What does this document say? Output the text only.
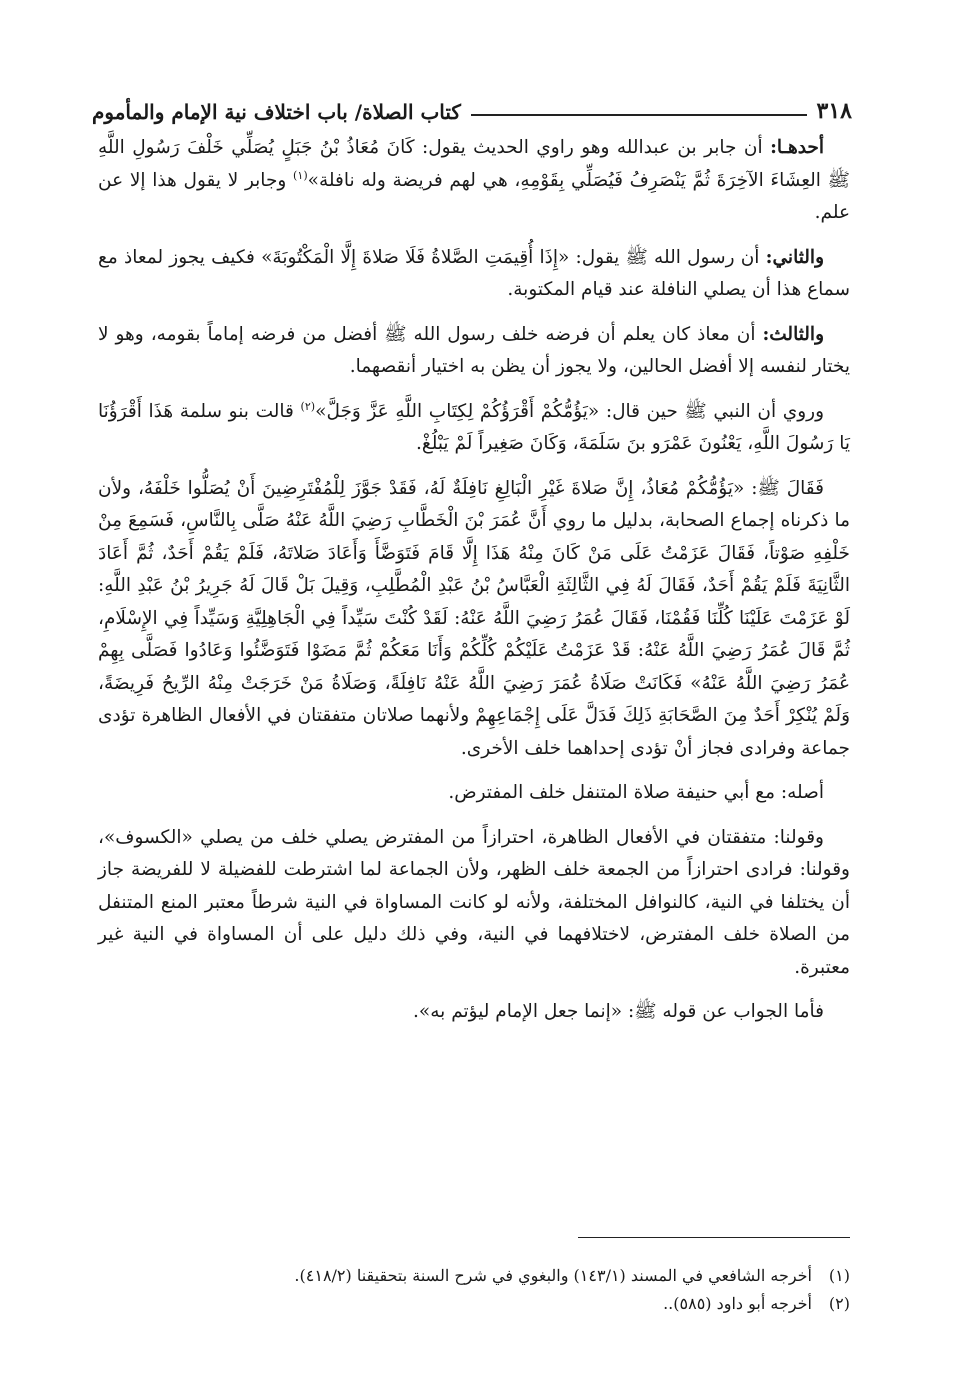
٣١٨
كتاب الصلاة/ باب اختلاف نية الإمام والمأموم

أحدهـا: أن جابر بن عبدالله وهو راوي الحديث يقول: كَانَ مُعَاذُ بْنُ جَبَلٍ يُصَلِّي خَلْفَ رَسُولِ اللَّهِ ﷺ العِشَاءَ الآخِرَةَ ثُمَّ يَنْصَرِفُ فَيُصَلِّي بِقَوْمِهِ، هي لهم فريضة وله نافلة»$^{(١)}$ وجابر لا يقول هذا إلا عن علم.

والثاني: أن رسول الله ﷺ يقول: «إِذَا أُقِيمَتِ الصَّلاةُ فَلَا صَلاةَ إِلَّا الْمَكْتُوبَةَ» فكيف يجوز لمعاذ مع سماع هذا أن يصلي النافلة عند قيام المكتوبة.

والثالث: أن معاذ كان يعلم أن فرضه خلف رسول الله ﷺ أفضل من فرضه إماماً بقومه، وهو لا يختار لنفسه إلا أفضل الحالين، ولا يجوز أن يظن به اختيار أنقصهما.

وروي أن النبي ﷺ حين قال: «يَؤُمُّكُمْ أَقْرَؤُكُمْ لِكِتَابِ اللَّهِ عَزَّ وَجَلَّ»$^{(٢)}$ قالت بنو سلمة هَذَا أَقْرَؤُنَا يَا رَسُولَ اللَّهِ، يَعْنُونَ عَمْرَو بنَ سَلَمَةَ، وَكَانَ صَغِيراً لَمْ يَبْلُغْ.

فَقَالَ ﷺ: «يَؤُمُّكُمْ مُعَاذُ، إِنَّ صَلاةَ غَيْرِ الْبَالِغِ نَافِلَةٌ لَهُ، فَقَدْ جَوَّزَ لِلْمُفْتَرِضِينَ أَنْ يُصَلُّوا خَلْفَهُ، ولأن ما ذكرناه إجماع الصحابة، بدليل ما روي أَنَّ عُمَرَ بْنَ الْخَطَّابِ رَضِيَ اللَّهُ عَنْهُ صَلَّى بِالنَّاسِ، فَسَمِعَ مِنْ خَلْفِهِ صَوْتاً، فَقَالَ عَزَمْتُ عَلَى مَنْ كَانَ مِنْهُ هَذَا إِلَّا قَامَ فَتَوَضَّأَ وَأَعَادَ صَلاتَهُ، فَلَمْ يَقُمْ أَحَدٌ، ثُمَّ أَعَادَ الثَّانِيَةَ فَلَمْ يَقُمْ أَحَدٌ، فَقَالَ لَهُ فِي الثَّالِثَةِ الْعَبَّاسُ بْنُ عَبْدِ الْمُطَّلِبِ، وَقِيلَ بَلْ قَالَ لَهُ جَرِيرُ بْنُ عَبْدِ اللَّهِ: لَوْ عَزَمْتَ عَلَيْنَا كُلِّنَا فَقُمْنَا، فَقَالَ عُمَرُ رَضِيَ اللَّهُ عَنْهُ: لَقَدْ كُنْتَ سَيِّداً فِي الْجَاهِلِيَّةِ وَسَيِّداً فِي الإِسْلَامِ، ثُمَّ قَالَ عُمَرُ رَضِيَ اللَّهُ عَنْهُ: قَدْ عَزَمْتُ عَلَيْكُمْ كُلِّكُمْ وَأَنَا مَعَكُمْ ثُمَّ مَضَوْا فَتَوَضَّئُوا وَعَادُوا فَصَلَّى بِهِمْ عُمَرُ رَضِيَ اللَّهُ عَنْهُ» فَكَانَتْ صَلَاةُ عُمَرَ رَضِيَ اللَّهُ عَنْهُ نَافِلَةً، وَصَلَاةُ مَنْ خَرَجَتْ مِنْهُ الرِّيحُ فَرِيضَةً، وَلَمْ يُنْكِرْ أَحَدٌ مِنَ الصَّحَابَةِ ذَلِكَ فَدَلَّ عَلَى إِجْمَاعِهِمْ ولأنهما صلاتان متفقتان في الأفعال الظاهرة تؤدى جماعة وفرادى فجاز أنْ تؤدى إحداهما خلف الأخرى.

أصله: مع أبي حنيفة صلاة المتنفل خلف المفترض.

وقولنا: متفقتان في الأفعال الظاهرة، احترازاً من المفترض يصلي خلف من يصلي «الكسوف»، وقولنا: فرادى احترازاً من الجمعة خلف الظهر، ولأن الجماعة لما اشترطت للفضيلة لا للفريضة جاز أن يختلفا في النية، كالنوافل المختلفة، ولأنه لو كانت المساواة في النية شرطاً معتبر المنع المتنفل من الصلاة خلف المفترض، لاختلافهما في النية، وفي ذلك دليل على أن المساواة في النية غير معتبرة.

فأما الجواب عن قوله ﷺ: «إنما جعل الإمام ليؤتم به».

(١)
أخرجه الشافعي في المسند (١٤٣/١) والبغوي في شرح السنة بتحقيقنا (٤١٨/٢).
(٢)
أخرجه أبو داود (٥٨٥)..
